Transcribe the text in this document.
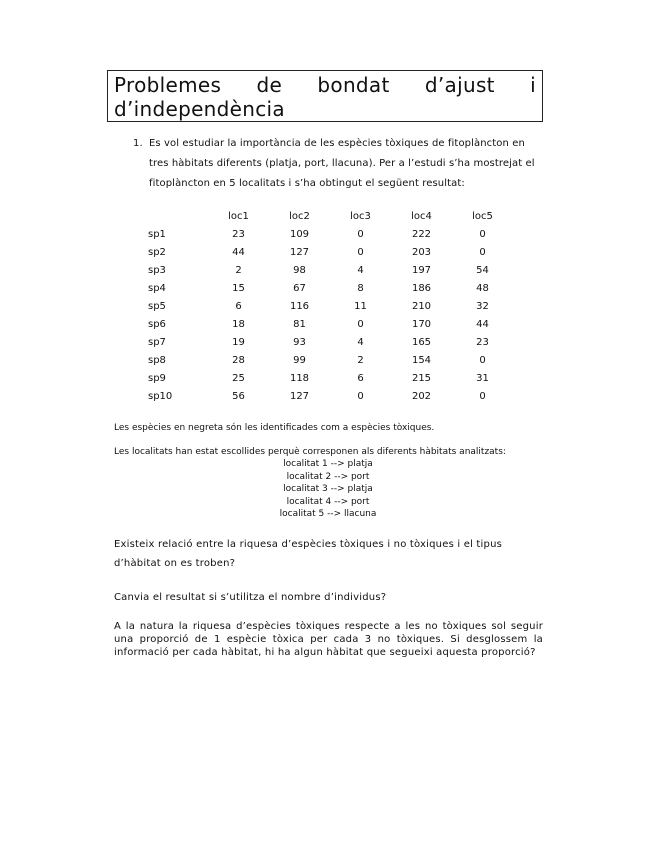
Problemes de bondat d’ajust i
d’independència
1. Es vol estudiar la importància de les espècies tòxiques de fitoplàncton en tres hàbitats diferents (platja, port, llacuna). Per a l’estudi s’ha mostrejat el fitoplàncton en 5 localitats i s’ha obtingut el següent resultat:
	loc1	loc2	loc3	loc4	loc5
sp1	23	109	0	222	0
sp2	44	127	0	203	0
sp3	2	98	4	197	54
sp4	15	67	8	186	48
sp5	6	116	11	210	32
sp6	18	81	0	170	44
sp7	19	93	4	165	23
sp8	28	99	2	154	0
sp9	25	118	6	215	31
sp10	56	127	0	202	0
Les espècies en negreta són les identificades com a espècies tòxiques.
Les localitats han estat escollides perquè corresponen als diferents hàbitats analitzats:
localitat 1 --> platja
localitat 2 --> port
localitat 3 --> platja
localitat 4 --> port
localitat 5 --> llacuna
Existeix relació entre la riquesa d’espècies tòxiques i no tòxiques i el tipus d’hàbitat on es troben?
Canvia el resultat si s’utilitza el nombre d’individus?
A la natura la riquesa d’espècies tòxiques respecte a les no tòxiques sol seguir una proporció de 1 espècie tòxica per cada 3 no tòxiques. Si desglossem la informació per cada hàbitat, hi ha algun hàbitat que segueixi aquesta proporció?
